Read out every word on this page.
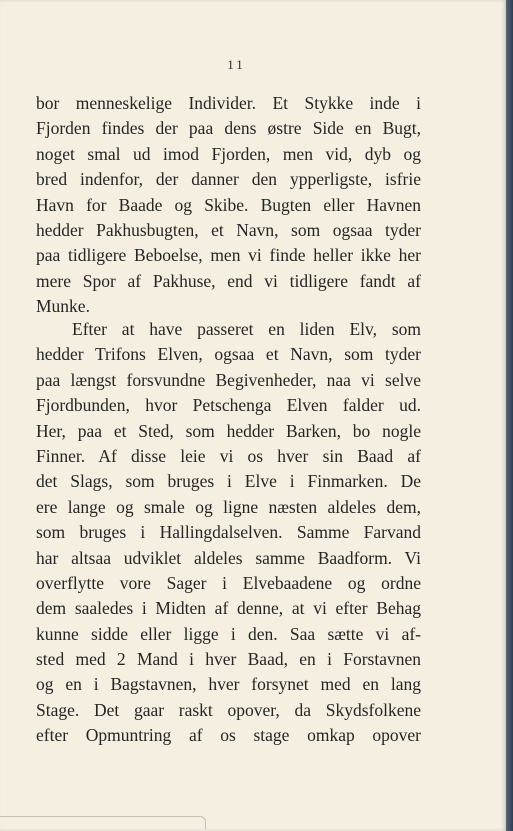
11
bor menneskelige Individer. Et Stykke inde i
Fjorden findes der paa dens østre Side en Bugt,
noget smal ud imod Fjorden, men vid, dyb og
bred indenfor, der danner den ypperligste, isfrie
Havn for Baade og Skibe. Bugten eller Havnen
hedder Pakhusbugten, et Navn, som ogsaa tyder
paa tidligere Beboelse, men vi finde heller ikke her
mere Spor af Pakhuse, end vi tidligere fandt af
Munke.
Efter at have passeret en liden Elv, som
hedder Trifons Elven, ogsaa et Navn, som tyder
paa længst forsvundne Begivenheder, naa vi selve
Fjordbunden, hvor Petschenga Elven falder ud.
Her, paa et Sted, som hedder Barken, bo nogle
Finner. Af disse leie vi os hver sin Baad af
det Slags, som bruges i Elve i Finmarken. De
ere lange og smale og ligne næsten aldeles dem,
som bruges i Hallingdalselven. Samme Farvand
har altsaa udviklet aldeles samme Baadform. Vi
overflytte vore Sager i Elvebaadene og ordne
dem saaledes i Midten af denne, at vi efter Behag
kunne sidde eller ligge i den. Saa sætte vi af-
sted med 2 Mand i hver Baad, en i Forstavnen
og en i Bagstavnen, hver forsynet med en lang
Stage. Det gaar raskt opover, da Skydsfolkene
efter Opmuntring af os stage omkap opover
